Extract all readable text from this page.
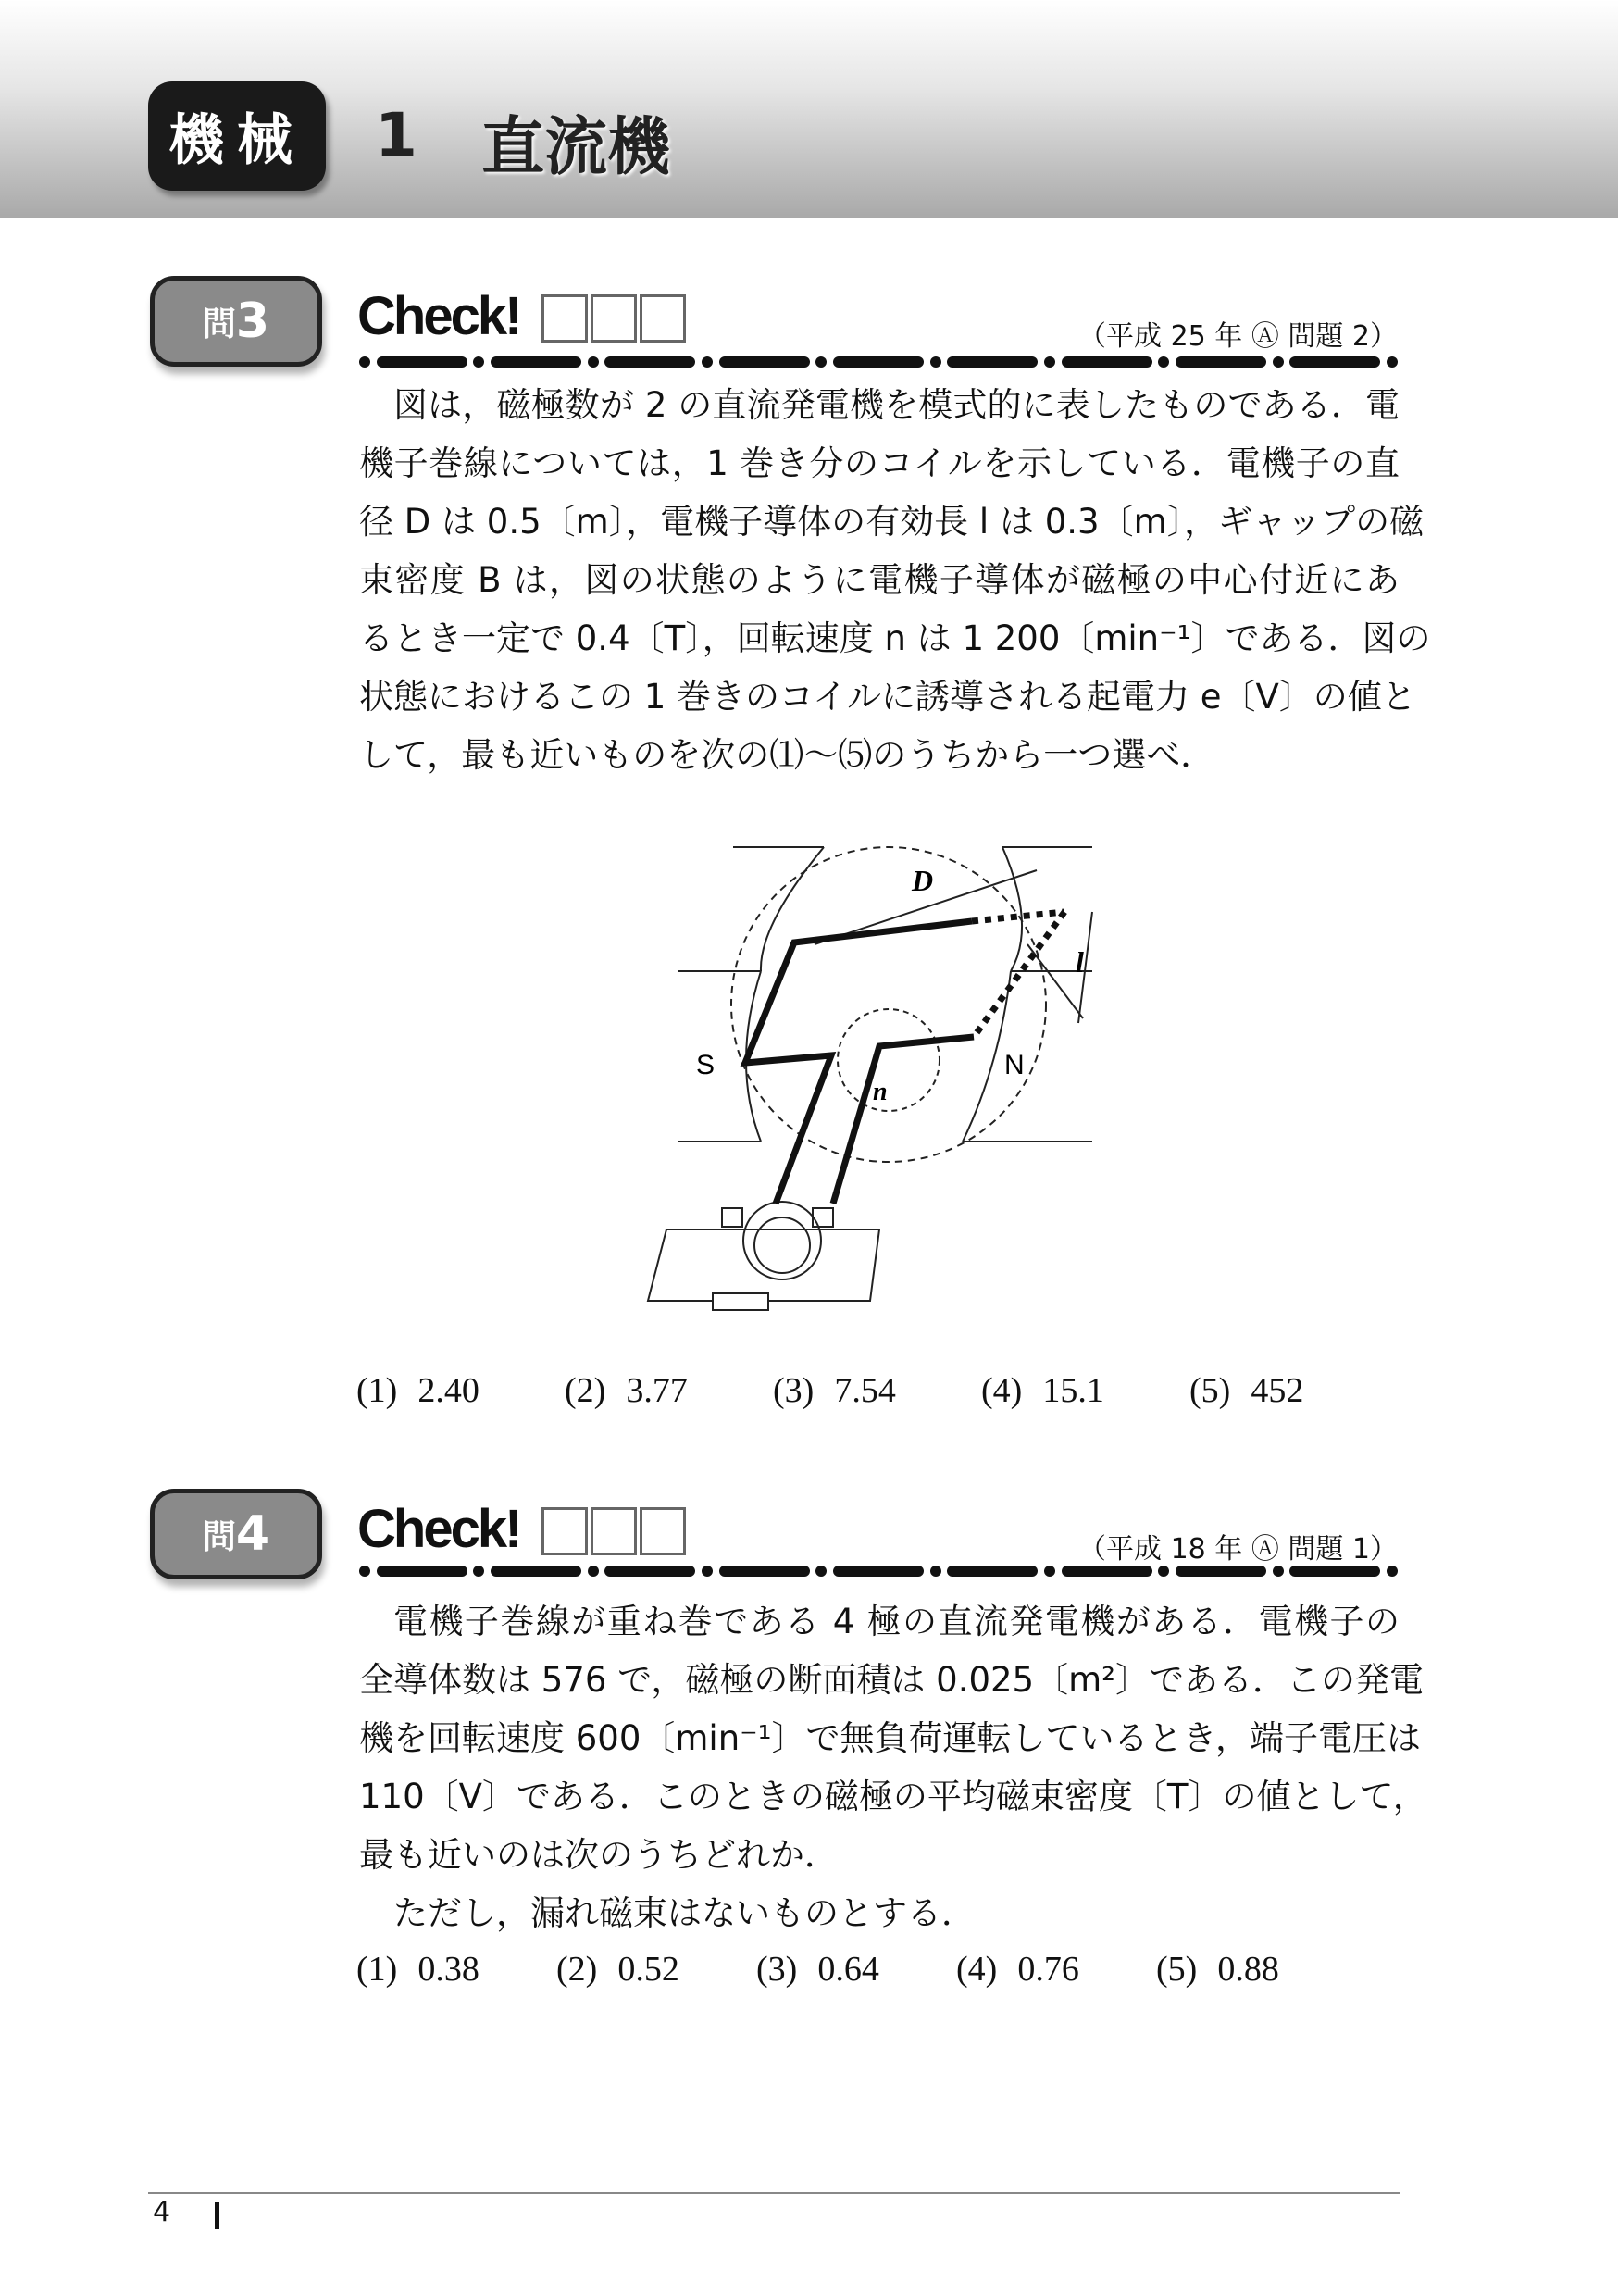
機械	1 直流機
問 3 Check!	（平成 25 年 Ⓐ 問題 2）
図は，磁極数が 2 の直流発電機を模式的に表したものである．電
機子巻線については，1 巻き分のコイルを示している．電機子の直
径 D は 0.5〔m〕，電機子導体の有効長 l は 0.3〔m〕，ギャップの磁
束密度 B は，図の状態のように電機子導体が磁極の中心付近にあ
るとき一定で 0.4〔T〕，回転速度 n は 1 200〔min⁻¹〕である．図の
状態におけるこの 1 巻きのコイルに誘導される起電力 e〔V〕の値と
して，最も近いものを次の⑴〜⑸のうちから一つ選べ．
D
l
S	N
n
(1) 2.40 (2) 3.77 (3) 7.54 (4) 15.1 (5) 452
問 4 Check!	（平成 18 年 Ⓐ 問題 1）
電機子巻線が重ね巻である 4 極の直流発電機がある．電機子の
全導体数は 576 で，磁極の断面積は 0.025〔m²〕である．この発電
機を回転速度 600〔min⁻¹〕で無負荷運転しているとき，端子電圧は
110〔V〕である．このときの磁極の平均磁束密度〔T〕の値として，
最も近いのは次のうちどれか．
ただし，漏れ磁束はないものとする．
(1) 0.38 (2) 0.52 (3) 0.64 (4) 0.76 (5) 0.88
4
